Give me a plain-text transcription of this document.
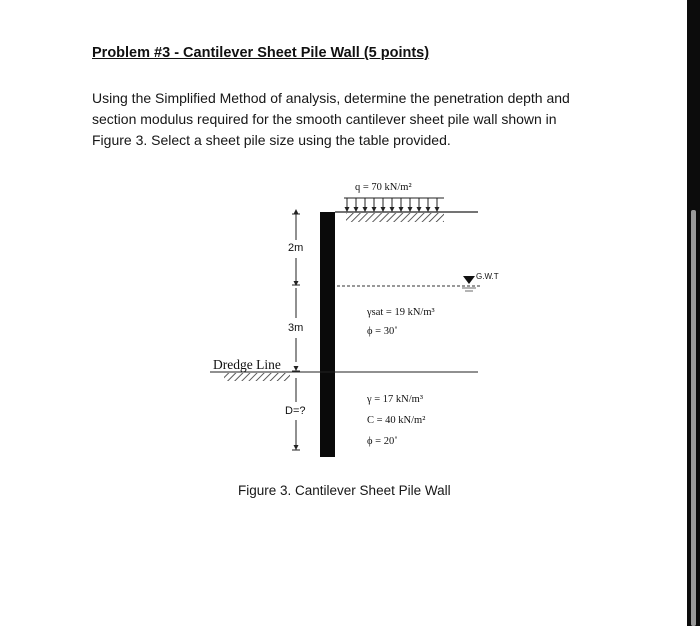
Problem #3 - Cantilever Sheet Pile Wall (5 points)
Using the Simplified Method of analysis, determine the penetration depth and
section modulus required for the smooth cantilever sheet pile wall shown in
Figure 3. Select a sheet pile size using the table provided.
q = 70 kN/m²
G.W.T
2m
3m
D=?
Dredge Line
γsat = 19 kN/m³
ϕ = 30˚
γ = 17 kN/m³
C = 40 kN/m²
ϕ = 20˚
Figure 3. Cantilever Sheet Pile Wall
